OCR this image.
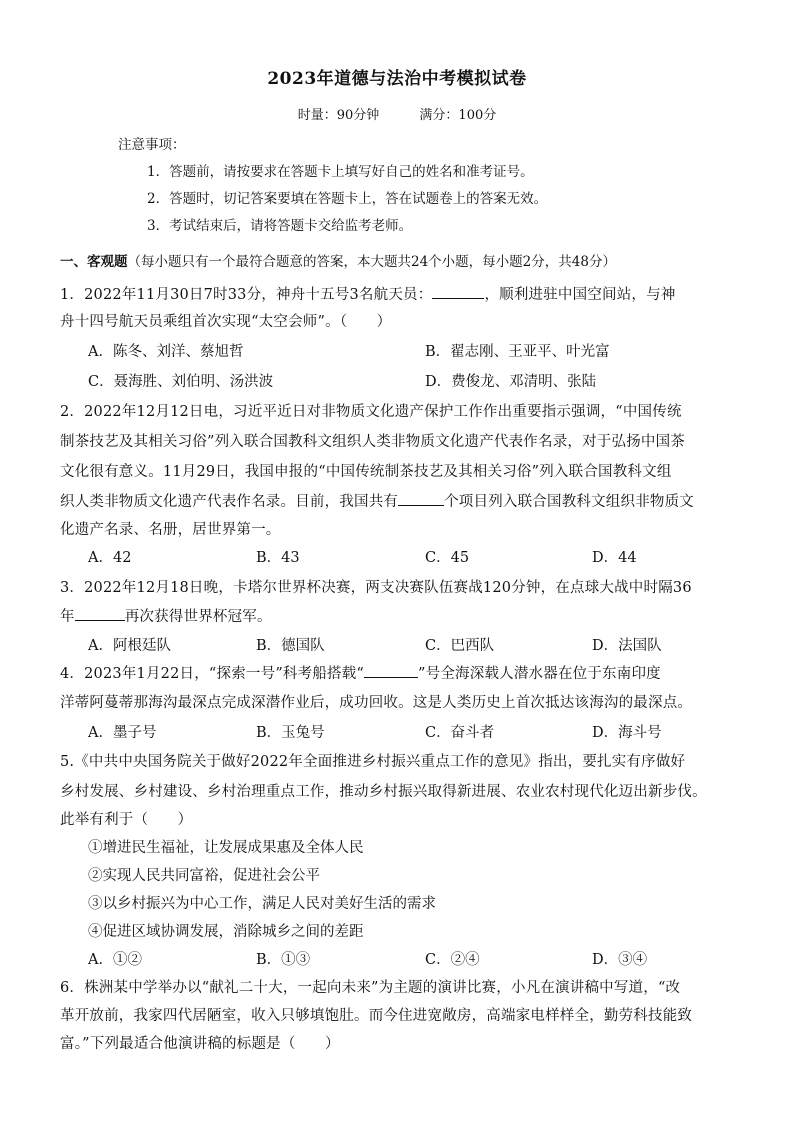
2023年道德与法治中考模拟试卷
时量：90分钟	满分：100分
注意事项：
1．答题前，请按要求在答题卡上填写好自己的姓名和准考证号。
2．答题时，切记答案要填在答题卡上，答在试题卷上的答案无效。
3．考试结束后，请将答题卡交给监考老师。
一、客观题（每小题只有一个最符合题意的答案，本大题共24个小题，每小题2分，共48分）
1．2022年11月30日7时33分，神舟十五号3名航天员：	，顺利进驻中国空间站，与神
舟十四号航天员乘组首次实现“太空会师”。（　　）
A．陈冬、刘洋、蔡旭哲	B．翟志刚、王亚平、叶光富
C．聂海胜、刘伯明、汤洪波	D．费俊龙、邓清明、张陆
2．2022年12月12日电，习近平近日对非物质文化遗产保护工作作出重要指示强调，“中国传统
制茶技艺及其相关习俗”列入联合国教科文组织人类非物质文化遗产代表作名录，对于弘扬中国茶
文化很有意义。11月29日，我国申报的“中国传统制茶技艺及其相关习俗”列入联合国教科文组
织人类非物质文化遗产代表作名录。目前，我国共有	个项目列入联合国教科文组织非物质文
化遗产名录、名册，居世界第一。
A．42	B．43	C．45	D．44
3．2022年12月18日晚，卡塔尔世界杯决赛，两支决赛队伍赛战120分钟，在点球大战中时隔36
年	再次获得世界杯冠军。
A．阿根廷队	B．德国队	C．巴西队	D．法国队
4．2023年1月22日，“探索一号”科考船搭载“	”号全海深载人潜水器在位于东南印度
洋蒂阿蔓蒂那海沟最深点完成深潜作业后，成功回收。这是人类历史上首次抵达该海沟的最深点。
A．墨子号	B．玉兔号	C．奋斗者	D．海斗号
5.《中共中央国务院关于做好2022年全面推进乡村振兴重点工作的意见》指出，要扎实有序做好
乡村发展、乡村建设、乡村治理重点工作，推动乡村振兴取得新进展、农业农村现代化迈出新步伐。
此举有利于（　　）
①增进民生福祉，让发展成果惠及全体人民
②实现人民共同富裕，促进社会公平
③以乡村振兴为中心工作，满足人民对美好生活的需求
④促进区域协调发展，消除城乡之间的差距
A．①②	B．①③	C．②④	D．③④
6．株洲某中学举办以“献礼二十大，一起向未来”为主题的演讲比赛，小凡在演讲稿中写道，“改
革开放前，我家四代居陋室，收入只够填饱肚。而今住进宽敞房，高端家电样样全，勤劳科技能致
富。”下列最适合他演讲稿的标题是（　　）
